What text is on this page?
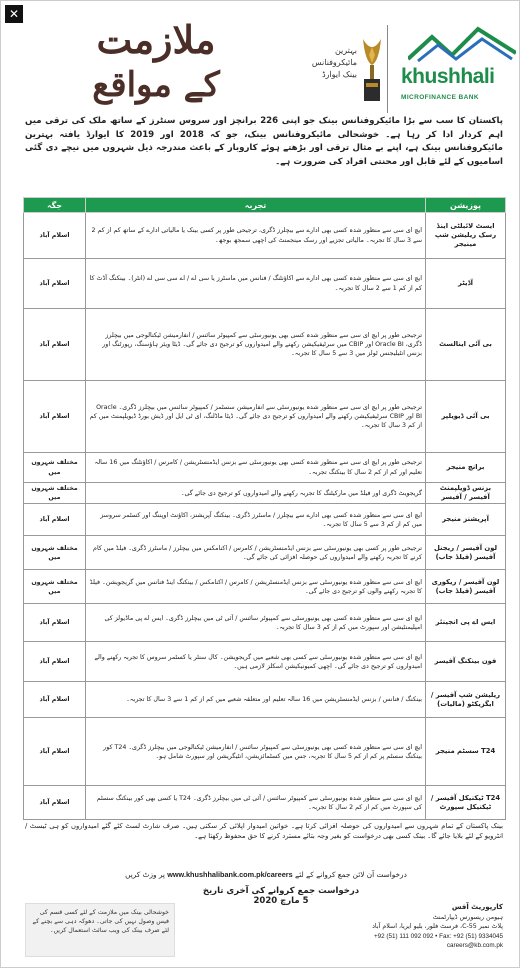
✕
ملازمت
کے مواقع
بہترین
مائیکروفنانس
بینک ایوارڈ khushhali
MICROFINANCE BANK
پاکستان کا سب سے بڑا مائیکروفنانس بینک جو اپنی 226 برانچز اور سروس سنٹرز کے ساتھ ملک کی ترقی میں اہم کردار ادا کر رہا ہے۔ خوشحالی مائیکروفنانس بینک، جو کہ 2018 اور 2019 کا ایوارڈ یافتہ بہترین مائیکروفنانس بینک ہے، اپنے بے مثال ترقی اور بڑھتے ہوئے کاروبار کے باعث مندرجہ ذیل شہروں میں نیچے دی گئی اسامیوں کے لئے قابل اور محنتی افراد کی ضرورت ہے۔
پوزیشن	تجربہ	جگہ
ایسٹ لائبلٹی اینڈ رسک ریلیشن شپ مینیجر	ایچ ای سی سے منظور شدہ کسی بھی ادارے سے بیچلرز ڈگری، ترجیحی طور پر کسی بینک یا مالیاتی ادارے کے ساتھ کم از کم 2 سے 3 سال کا تجربہ۔ مالیاتی تجزیے اور رسک مینجمنٹ کی اچھی سمجھ بوجھ۔	اسلام آباد
آڈیٹر	ایچ ای سی سے منظور شدہ کسی بھی ادارے سے اکاؤنٹنگ / فنانس میں ماسٹرز یا سی اے / اے سی سی اے (انٹر)۔ بینکنگ آڈٹ کا کم از کم 1 سے 2 سال کا تجربہ۔	اسلام آباد
بی آئی اینالسٹ	ترجیحی طور پر ایچ ای سی سے منظور شدہ کسی بھی یونیورسٹی سے کمپیوٹر سائنس / انفارمیشن ٹیکنالوجی میں بیچلرز ڈگری، Oracle BI اور CBIP میں سرٹیفیکیشن رکھنے والے امیدواروں کو ترجیح دی جائے گی۔ ڈیٹا ویئر ہاؤسنگ، رپورٹنگ اور بزنس انٹیلیجنس ٹولز میں 3 سے 5 سال کا تجربہ۔	اسلام آباد
بی آئی ڈیویلپر	ترجیحی طور پر ایچ ای سی سے منظور شدہ یونیورسٹی سے انفارمیشن سسٹمز / کمپیوٹر سائنس میں بیچلرز ڈگری۔ Oracle BI اور CBIP سرٹیفیکیشن رکھنے والے امیدواروں کو ترجیح دی جائے گی۔ ڈیٹا ماڈلنگ، ای ٹی ایل اور ڈیش بورڈ ڈیویلپمنٹ میں کم از کم 3 سال کا تجربہ۔	اسلام آباد
برانچ منیجر	ترجیحی طور پر ایچ ای سی سے منظور شدہ کسی بھی یونیورسٹی سے بزنس ایڈمنسٹریشن / کامرس / اکاؤنٹنگ میں 16 سالہ تعلیم اور کم از کم 2 سال کا بینکنگ تجربہ۔	مختلف شہروں میں
بزنس ڈویلپمنٹ آفیسر / آفیسر	گریجویٹ ڈگری اور فیلڈ میں مارکیٹنگ کا تجربہ رکھنے والے امیدواروں کو ترجیح دی جائے گی۔	مختلف شہروں میں
آپریشنز منیجر	ایچ ای سی سے منظور شدہ کسی بھی ادارے سے بیچلرز / ماسٹرز ڈگری۔ بینکنگ آپریشنز، اکاؤنٹ اوپننگ اور کسٹمر سروسز میں کم از کم 3 سے 5 سال کا تجربہ۔	اسلام آباد
لون آفیسر / ریجنل آفیسر (فیلڈ جاب)	ترجیحی طور پر کسی بھی یونیورسٹی سے بزنس ایڈمنسٹریشن / کامرس / اکنامکس میں بیچلرز / ماسٹرز ڈگری۔ فیلڈ میں کام کرنے کا تجربہ رکھنے والے امیدواروں کی حوصلہ افزائی کی جائے گی۔	مختلف شہروں میں
لون آفیسر / ریکوری آفیسر (فیلڈ جاب)	ایچ ای سی سے منظور شدہ یونیورسٹی سے بزنس ایڈمنسٹریشن / کامرس / اکنامکس / بینکنگ اینڈ فنانس میں گریجویشن۔ فیلڈ کا تجربہ رکھنے والوں کو ترجیح دی جائے گی۔	مختلف شہروں میں
ایس اے پی انجینئر	ایچ ای سی سے منظور شدہ کسی بھی یونیورسٹی سے کمپیوٹر سائنس / آئی ٹی میں بیچلرز ڈگری۔ ایس اے پی ماڈیولز کی امپلیمنٹیشن اور سپورٹ میں کم از کم 3 سال کا تجربہ۔	اسلام آباد
فون بینکنگ آفیسر	ایچ ای سی سے منظور شدہ یونیورسٹی سے کسی بھی شعبے میں گریجویشن۔ کال سنٹر یا کسٹمر سروس کا تجربہ رکھنے والے امیدواروں کو ترجیح دی جائے گی۔ اچھی کمیونیکیشن اسکلز لازمی ہیں۔	اسلام آباد
ریلیشن شپ آفیسر / ایگزیکٹو (مالیات)	بینکنگ / فنانس / بزنس ایڈمنسٹریشن میں 16 سالہ تعلیم اور متعلقہ شعبے میں کم از کم 1 سے 3 سال کا تجربہ۔	اسلام آباد
T24 سسٹم منیجر	ایچ ای سی سے منظور شدہ کسی بھی یونیورسٹی سے کمپیوٹر سائنس / انفارمیشن ٹیکنالوجی میں بیچلرز ڈگری۔ T24 کور بینکنگ سسٹم پر کم از کم 5 سال کا تجربہ، جس میں کسٹمائزیشن، انٹیگریشن اور سپورٹ شامل ہو۔	اسلام آباد
T24 ٹیکنیکل آفیسر / ٹیکنیکل سپورٹ	ایچ ای سی سے منظور شدہ یونیورسٹی سے کمپیوٹر سائنس / آئی ٹی میں بیچلرز ڈگری۔ T24 یا کسی بھی کور بینکنگ سسٹم کی سپورٹ میں کم از کم 2 سال کا تجربہ۔	اسلام آباد
بینک پاکستان کے تمام شہروں سے امیدواروں کی حوصلہ افزائی کرتا ہے۔ خواتین امیدوار اپلائی کر سکتی ہیں۔ صرف شارٹ لسٹ کئے گئے امیدواروں کو ہی ٹیسٹ / انٹرویو کے لئے بلایا جائے گا۔ بینک کسی بھی درخواست کو بغیر وجہ بتائے مسترد کرنے کا حق محفوظ رکھتا ہے۔
درخواست آن لائن جمع کروانے کے لئے www.khushhalibank.com.pk/careers پر وزٹ کریں
درخواست جمع کروانے کی آخری تاریخ 5 مارچ 2020
خوشحالی بینک میں ملازمت کے لئے کسی قسم کی فیس وصول نہیں کی جاتی۔ دھوکہ دہی سے بچنے کے لئے صرف بینک کی ویب سائٹ استعمال کریں۔
کارپوریٹ آفس
ہیومن ریسورس ڈیپارٹمنٹ
پلاٹ نمبر 55-C، فرسٹ فلور، بلیو ایریا، اسلام آباد
+92 (51) 111 092 092 • Fax: +92 (51) 9334045
careers@kb.com.pk
